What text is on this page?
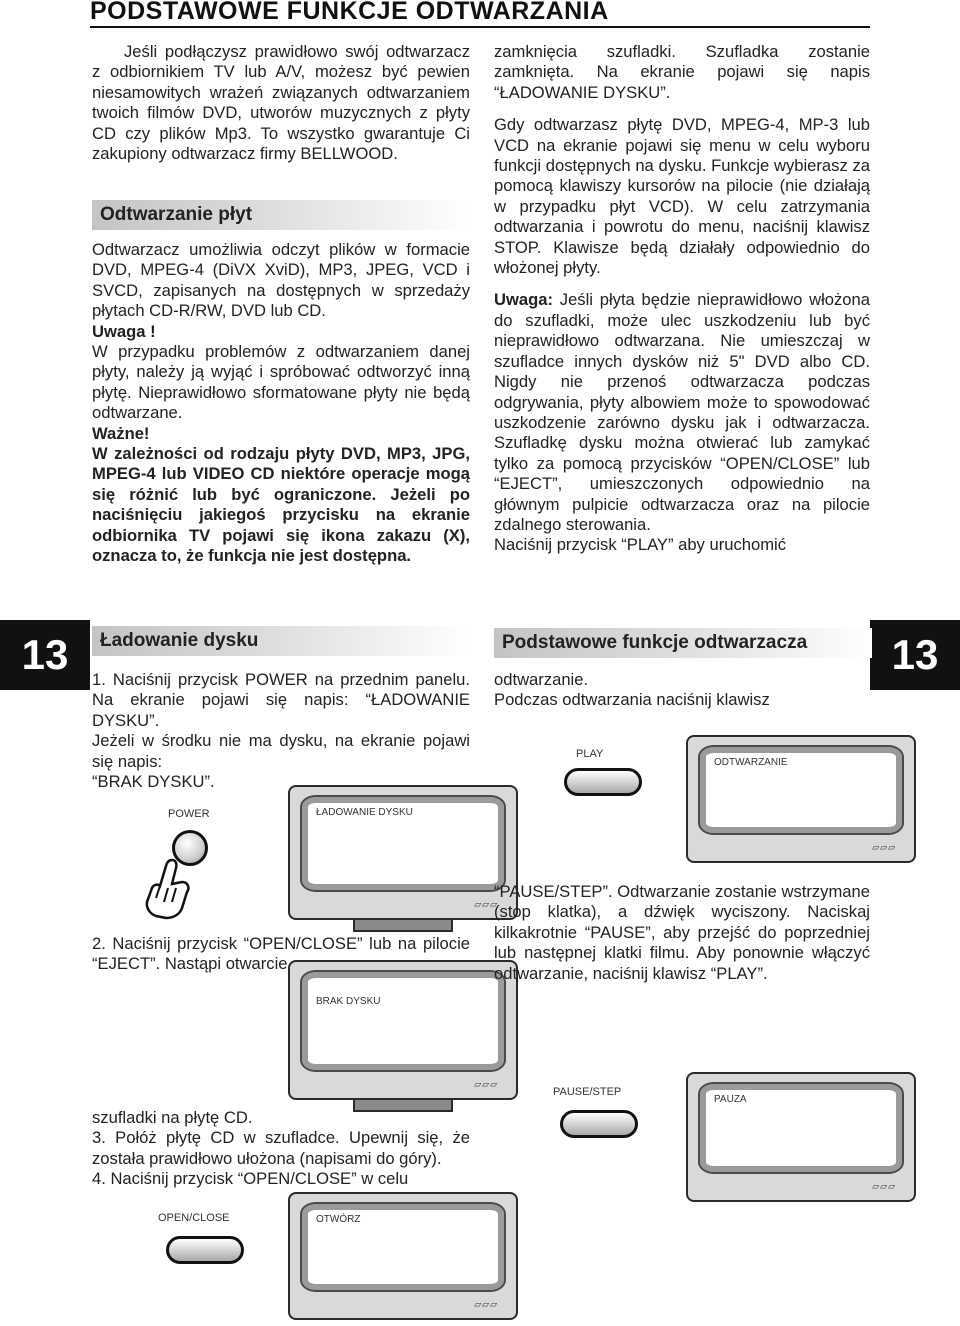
PODSTAWOWE FUNKCJE ODTWARZANIA
13	13

Jeśli podłączysz prawidłowo swój odtwarzacz z odbiornikiem TV lub A/V, możesz być pewien niesamowitych wrażeń związanych odtwarzaniem twoich filmów DVD, utworów muzycznych z płyty CD czy plików Mp3. To wszystko gwarantuje Ci zakupiony odtwarzacz firmy BELLWOOD.

Odtwarzanie płyt

Odtwarzacz umożliwia odczyt plików w formacie DVD, MPEG-4 (DiVX XviD), MP3, JPEG, VCD i SVCD, zapisanych na dostępnych w sprzedaży płytach CD-R/RW, DVD lub CD.

Uwaga !

W przypadku problemów z odtwarzaniem danej płyty, należy ją wyjąć i spróbować odtworzyć inną płytę. Nieprawidłowo sformatowane płyty nie będą odtwarzane.

Ważne!

W zależności od rodzaju płyty DVD, MP3, JPG, MPEG-4 lub VIDEO CD niektóre operacje mogą się różnić lub być ograniczone. Jeżeli po naciśnięciu jakiegoś przycisku na ekranie odbiornika TV pojawi się ikona zakazu (X), oznacza to, że funkcja nie jest dostępna.

Ładowanie dysku

1. Naciśnij przycisk POWER na przednim panelu. Na ekranie pojawi się napis: “ŁADOWANIE DYSKU”.

Jeżeli w środku nie ma dysku, na ekranie pojawi się napis:

“BRAK DYSKU”.

POWER	ŁADOWANIE DYSKU
▱▱▱

2. Naciśnij przycisk “OPEN/CLOSE” lub na pilocie “EJECT”. Nastąpi otwarcie

BRAK DYSKU
▱▱▱

szufladki na płytę CD.

3. Połóż płytę CD w szufladce. Upewnij się, że została prawidłowo ułożona (napisami do góry).

4. Naciśnij przycisk “OPEN/CLOSE” w celu

OPEN/CLOSE	OTWÓRZ
▱▱▱

zamknięcia szufladki. Szufladka zostanie zamknięta. Na ekranie pojawi się napis “ŁADOWANIE DYSKU”.

Gdy odtwarzasz płytę DVD, MPEG-4, MP-3 lub VCD na ekranie pojawi się menu w celu wyboru funkcji dostępnych na dysku. Funkcje wybierasz za pomocą klawiszy kursorów na pilocie (nie działają w przypadku płyt VCD). W celu zatrzymania odtwarzania i powrotu do menu, naciśnij klawisz STOP. Klawisze będą działały odpowiednio do włożonej płyty.

Uwaga: Jeśli płyta będzie nieprawidłowo włożona do szufladki, może ulec uszkodzeniu lub być nieprawidłowo odtwarzana. Nie umieszczaj w szufladce innych dysków niż 5" DVD albo CD. Nigdy nie przenoś odtwarzacza podczas odgrywania, płyty albowiem może to spowodować uszkodzenie zarówno dysku jak i odtwarzacza. Szufladkę dysku można otwierać lub zamykać tylko za pomocą przycisków “OPEN/CLOSE” lub “EJECT”, umieszczonych odpowiednio na głównym pulpicie odtwarzacza oraz na pilocie zdalnego sterowania.

Naciśnij przycisk “PLAY” aby uruchomić

Podstawowe funkcje odtwarzacza

odtwarzanie.

Podczas odtwarzania naciśnij klawisz

PLAY
ODTWARZANIE
▱▱▱

“PAUSE/STEP”. Odtwarzanie zostanie wstrzymane (stop klatka), a dźwięk wyciszony. Naciskaj kilkakrotnie “PAUSE”, aby przejść do poprzedniej lub następnej klatki filmu. Aby ponownie włączyć odtwarzanie, naciśnij klawisz “PLAY”.

PAUSE/STEP
PAUZA
▱▱▱
